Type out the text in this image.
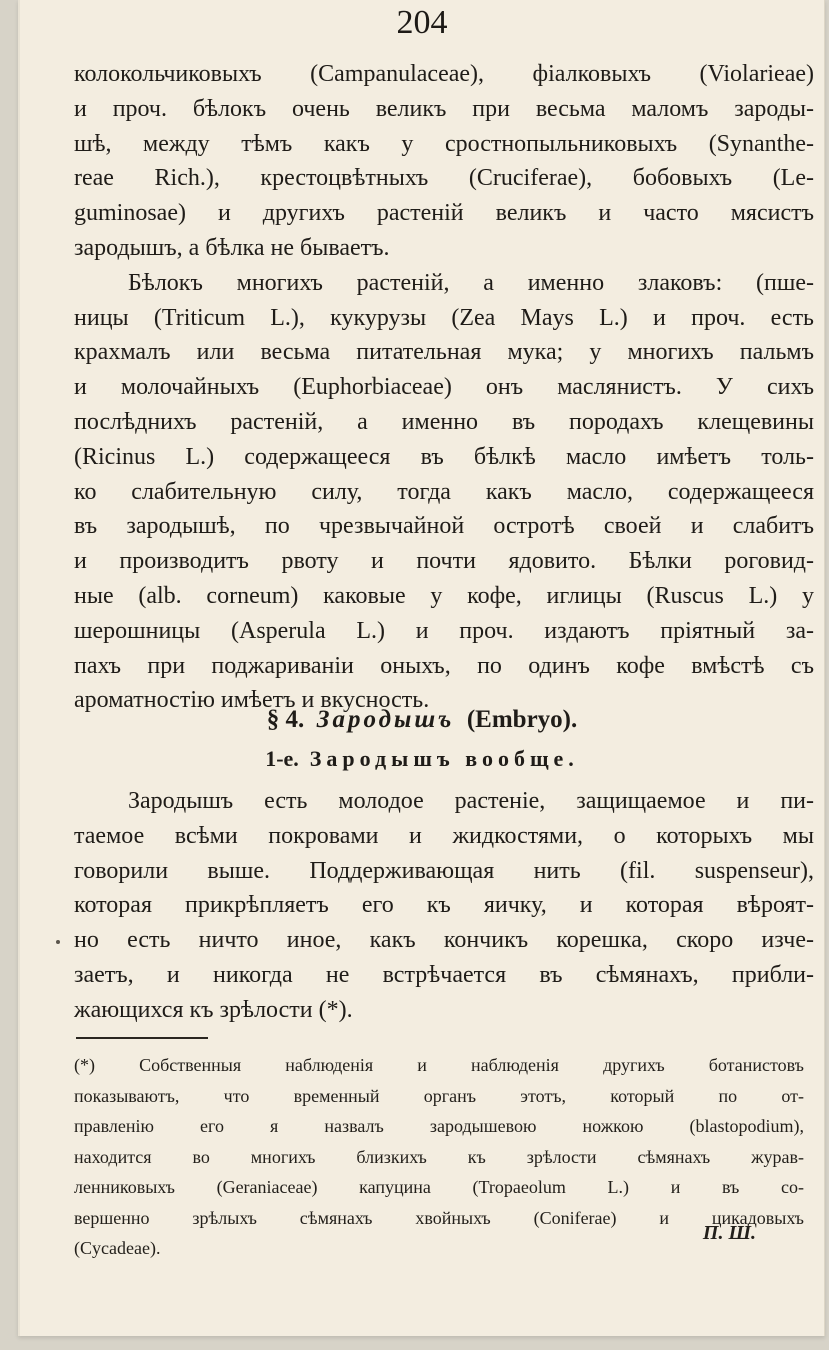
204
колокольчиковыхъ (Campanulaceae), фіалковыхъ (Violarieae)
и проч. бѣлокъ очень великъ при весьма маломъ зароды-
шѣ, между тѣмъ какъ у сростнопыльниковыхъ (Synanthe-
reae Rich.), крестоцвѣтныхъ (Cruciferae), бобовыхъ (Le-
guminosae) и другихъ растеній великъ и часто мясистъ
зародышъ, а бѣлка не бываетъ.
Бѣлокъ многихъ растеній, а именно злаковъ: (пше-
ницы (Triticum L.), кукурузы (Zea Mays L.) и проч. есть
крахмалъ или весьма питательная мука; у многихъ пальмъ
и молочайныхъ (Euphorbiaceae) онъ маслянистъ. У сихъ
послѣднихъ растеній, а именно въ породахъ клещевины
(Ricinus L.) содержащееся въ бѣлкѣ масло имѣетъ толь-
ко слабительную силу, тогда какъ масло, содержащееся
въ зародышѣ, по чрезвычайной остротѣ своей и слабитъ
и производитъ рвоту и почти ядовито. Бѣлки роговид-
ные (alb. corneum) каковые у кофе, иглицы (Ruscus L.) у
шерошницы (Asperula L.) и проч. издаютъ пріятный за-
пахъ при поджариваніи оныхъ, по одинъ кофе вмѣстѣ съ
ароматностію имѣетъ и вкусность.
§ 4. Зародышъ (Embryo).
1-е. Зародышъ вообще.
Зародышъ есть молодое растеніе, защищаемое и пи-
таемое всѣми покровами и жидкостями, о которыхъ мы
говорили выше. Поддерживающая нить (fil. suspenseur),
которая прикрѣпляетъ его къ яичку, и которая вѣроят-
но есть ничто иное, какъ кончикъ корешка, скоро изче-
заетъ, и никогда не встрѣчается въ сѣмянахъ, прибли-
жающихся къ зрѣлости (*).
(*) Собственныя наблюденія и наблюденія другихъ ботанистовъ
показываютъ, что временный органъ этотъ, который по от-
правленію его я назвалъ зародышевою ножкою (blastopodium),
находится во многихъ близкихъ къ зрѣлости сѣмянахъ журав-
ленниковыхъ (Geraniaceae) капуцина (Tropaeolum L.) и въ со-
вершенно зрѣлыхъ сѣмянахъ хвойныхъ (Coniferae) и цикадовыхъ
(Cycadeae).
П. Ш.
